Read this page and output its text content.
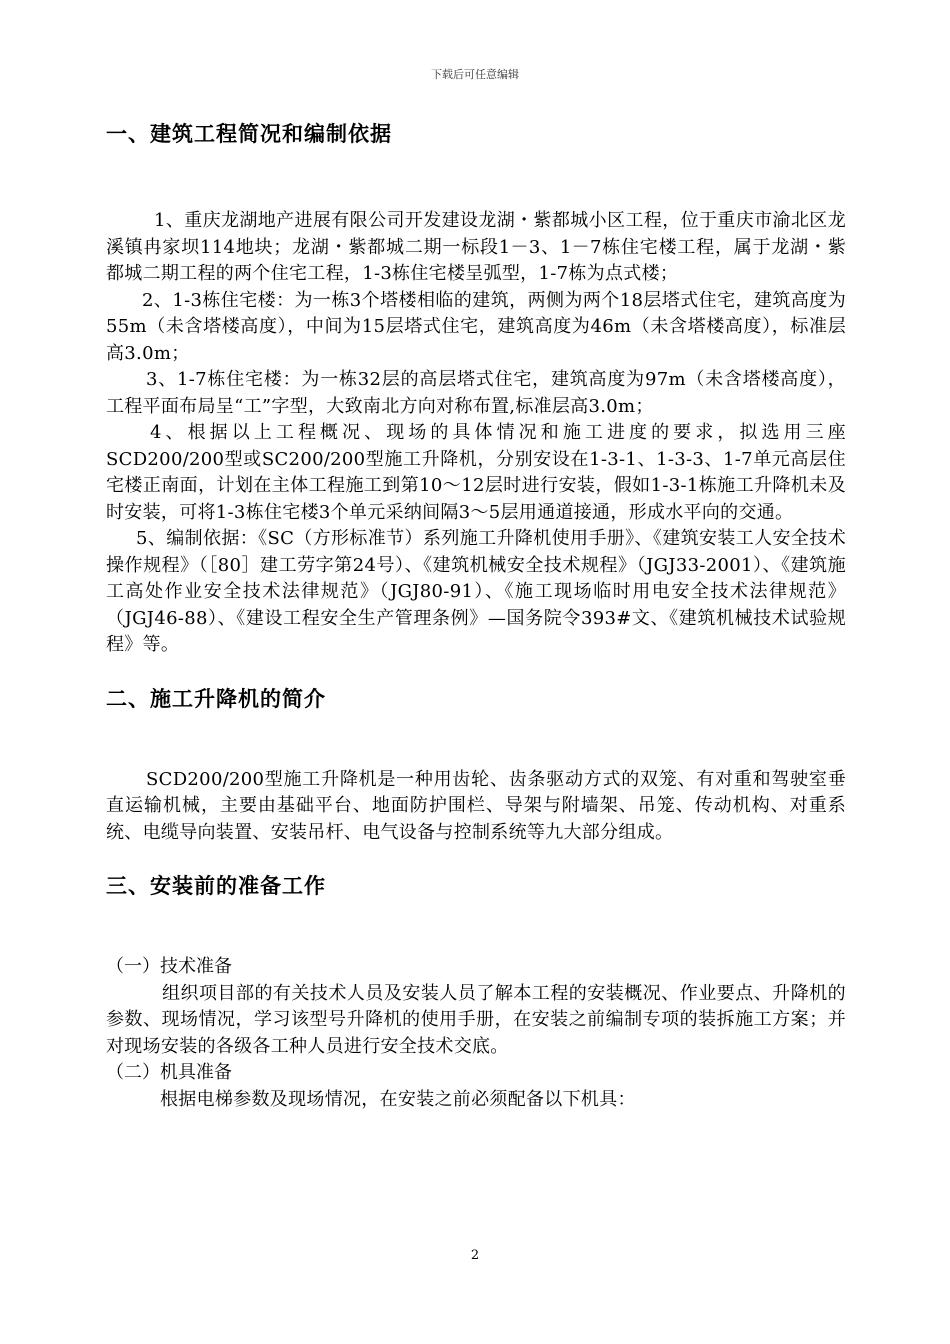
下载后可任意编辑
一、建筑工程简况和编制依据

1、重庆龙湖地产进展有限公司开发建设龙湖・紫都城小区工程，位于重庆市渝北区龙溪镇冉家坝114地块；龙湖・紫都城二期一标段1－3、1－7栋住宅楼工程，属于龙湖・紫都城二期工程的两个住宅工程，1-3栋住宅楼呈弧型，1-7栋为点式楼；

2、1-3栋住宅楼：为一栋3个塔楼相临的建筑，两侧为两个18层塔式住宅，建筑高度为55m（未含塔楼高度），中间为15层塔式住宅，建筑高度为46m（未含塔楼高度），标准层高3.0m；

3、1-7栋住宅楼：为一栋32层的高层塔式住宅，建筑高度为97m（未含塔楼高度），工程平面布局呈“工”字型，大致南北方向对称布置,标准层高3.0m；

4、根据以上工程概况、现场的具体情况和施工进度的要求，拟选用三座SCD200/200型或SC200/200型施工升降机，分别安设在1-3-1、1-3-3、1-7单元高层住宅楼正南面，计划在主体工程施工到第10～12层时进行安装，假如1-3-1栋施工升降机未及时安装，可将1-3栋住宅楼3个单元采纳间隔3～5层用通道接通，形成水平向的交通。

5、编制依据：《SC（方形标准节）系列施工升降机使用手册》、《建筑安装工人安全技术操作规程》（［80］建工劳字第24号）、《建筑机械安全技术规程》（JGJ33-2001）、《建筑施工高处作业安全技术法律规范》（JGJ80-91）、《施工现场临时用电安全技术法律规范》（JGJ46-88）、《建设工程安全生产管理条例》—国务院令393#文、《建筑机械技术试验规程》等。

二、施工升降机的简介

SCD200/200型施工升降机是一种用齿轮、齿条驱动方式的双笼、有对重和驾驶室垂直运输机械，主要由基础平台、地面防护围栏、导架与附墙架、吊笼、传动机构、对重系统、电缆导向装置、安装吊杆、电气设备与控制系统等九大部分组成。

三、安装前的准备工作
（一）技术准备

组织项目部的有关技术人员及安装人员了解本工程的安装概况、作业要点、升降机的参数、现场情况，学习该型号升降机的使用手册，在安装之前编制专项的装拆施工方案；并对现场安装的各级各工种人员进行安全技术交底。

（二）机具准备

根据电梯参数及现场情况，在安装之前必须配备以下机具：

2
